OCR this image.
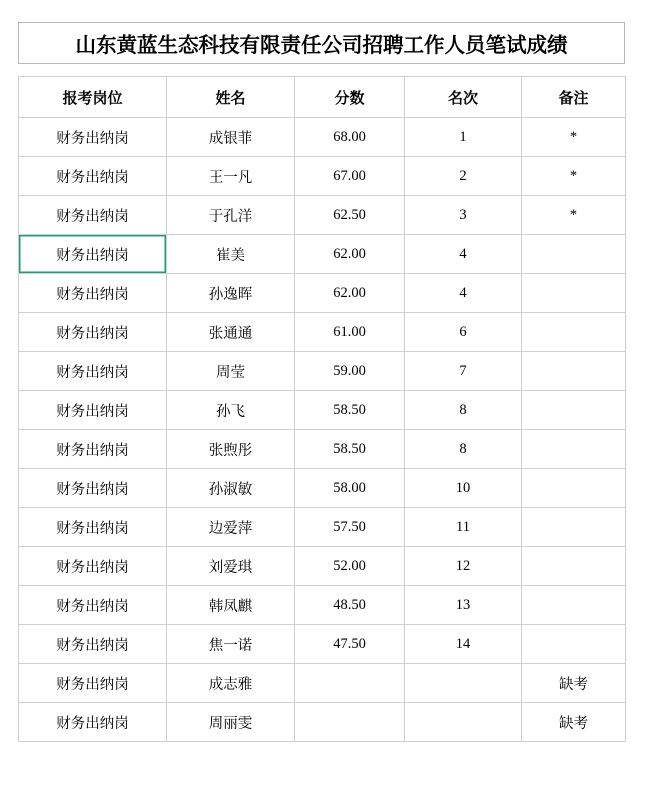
山东黄蓝生态科技有限责任公司招聘工作人员笔试成绩
报考岗位	姓名	分数	名次	备注
财务出纳岗	成银菲	68.00	1	*
财务出纳岗	王一凡	67.00	2	*
财务出纳岗	于孔洋	62.50	3	*
财务出纳岗	崔美	62.00	4	
财务出纳岗	孙逸晖	62.00	4	
财务出纳岗	张通通	61.00	6	
财务出纳岗	周莹	59.00	7	
财务出纳岗	孙飞	58.50	8	
财务出纳岗	张煦彤	58.50	8	
财务出纳岗	孙淑敏	58.00	10	
财务出纳岗	边爱萍	57.50	11	
财务出纳岗	刘爱琪	52.00	12	
财务出纳岗	韩凤麒	48.50	13	
财务出纳岗	焦一诺	47.50	14	
财务出纳岗	成志雅			缺考
财务出纳岗	周丽雯			缺考
